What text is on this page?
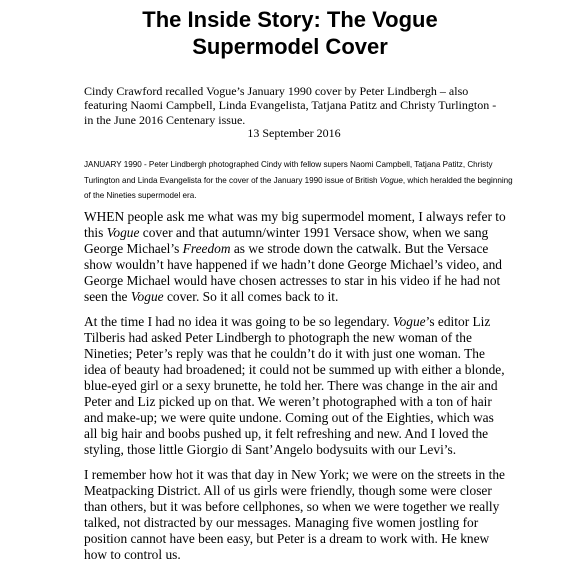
The Inside Story: The Vogue
Supermodel Cover

Cindy Crawford recalled Vogue’s January 1990 cover by Peter Lindbergh – also featuring Naomi Campbell, Linda Evangelista, Tatjana Patitz and Christy Turlington - in the June 2016 Centenary issue.

13 September 2016

JANUARY 1990 - Peter Lindbergh photographed Cindy with fellow supers Naomi Campbell, Tatjana Patitz, Christy Turlington and Linda Evangelista for the cover of the January 1990 issue of British Vogue, which heralded the beginning of the Nineties supermodel era.

WHEN people ask me what was my big supermodel moment, I always refer to this Vogue cover and that autumn/winter 1991 Versace show, when we sang George Michael’s Freedom as we strode down the catwalk. But the Versace show wouldn’t have happened if we hadn’t done George Michael’s video, and George Michael would have chosen actresses to star in his video if he had not seen the Vogue cover. So it all comes back to it.

At the time I had no idea it was going to be so legendary. Vogue’s editor Liz Tilberis had asked Peter Lindbergh to photograph the new woman of the Nineties; Peter’s reply was that he couldn’t do it with just one woman. The idea of beauty had broadened; it could not be summed up with either a blonde, blue-eyed girl or a sexy brunette, he told her. There was change in the air and Peter and Liz picked up on that. We weren’t photographed with a ton of hair and make-up; we were quite undone. Coming out of the Eighties, which was all big hair and boobs pushed up, it felt refreshing and new. And I loved the styling, those little Giorgio di Sant’Angelo bodysuits with our Levi’s.

I remember how hot it was that day in New York; we were on the streets in the Meatpacking District. All of us girls were friendly, though some were closer than others, but it was before cellphones, so when we were together we really talked, not distracted by our messages. Managing five women jostling for position cannot have been easy, but Peter is a dream to work with. He knew how to control us.
